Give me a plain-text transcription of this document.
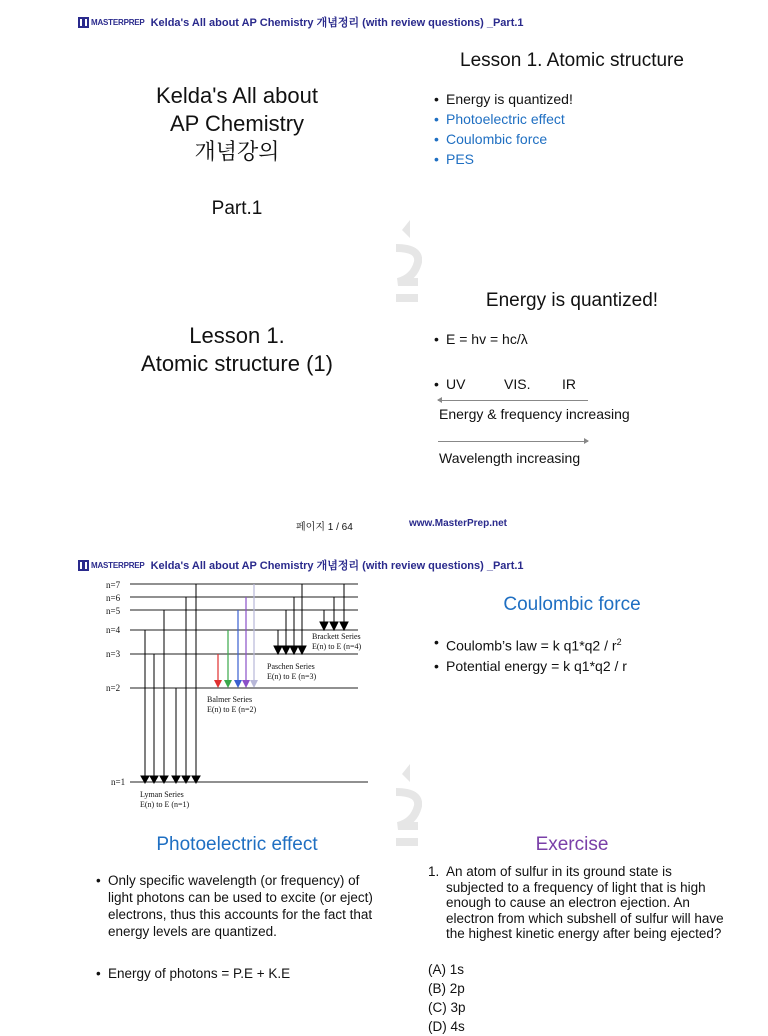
MASTERPREP Kelda's All about AP Chemistry 개념정리 (with review questions) _Part.1
Kelda's All about
AP Chemistry
개념강의
Part.1
Lesson 1. Atomic structure
• Energy is quantized!
• Photoelectric effect
• Coulombic force
• PES
Lesson 1.
Atomic structure (1)
Energy is quantized!
• E = hv = hc/λ
• UV	VIS.	IR
Energy & frequency increasing
Wavelength increasing
페이지 1 / 64	www.MasterPrep.net
MASTERPREP Kelda's All about AP Chemistry 개념정리 (with review questions) _Part.1
n=7
n=6
n=5
n=4
n=3
n=2
n=1
Brackett Series
E(n) to E (n=4)
Paschen Series
E(n) to E (n=3)
Balmer Series
E(n) to E (n=2)
Lyman Series
E(n) to E (n=1)
Coulombic force
• Coulomb’s law = k $q1*q2 / r^2$
• Potential energy = k q1*q2 / r
Photoelectric effect
• Only specific wavelength (or frequency) of light photons can be used to excite (or eject) electrons, thus this accounts for the fact that energy levels are quantized.
• Energy of photons = P.E + K.E
Exercise
1. An atom of sulfur in its ground state is subjected to a frequency of light that is high enough to cause an electron ejection. An electron from which subshell of sulfur will have the highest kinetic energy after being ejected?
(A) 1s
(B) 2p
(C) 3p
(D) 4s
